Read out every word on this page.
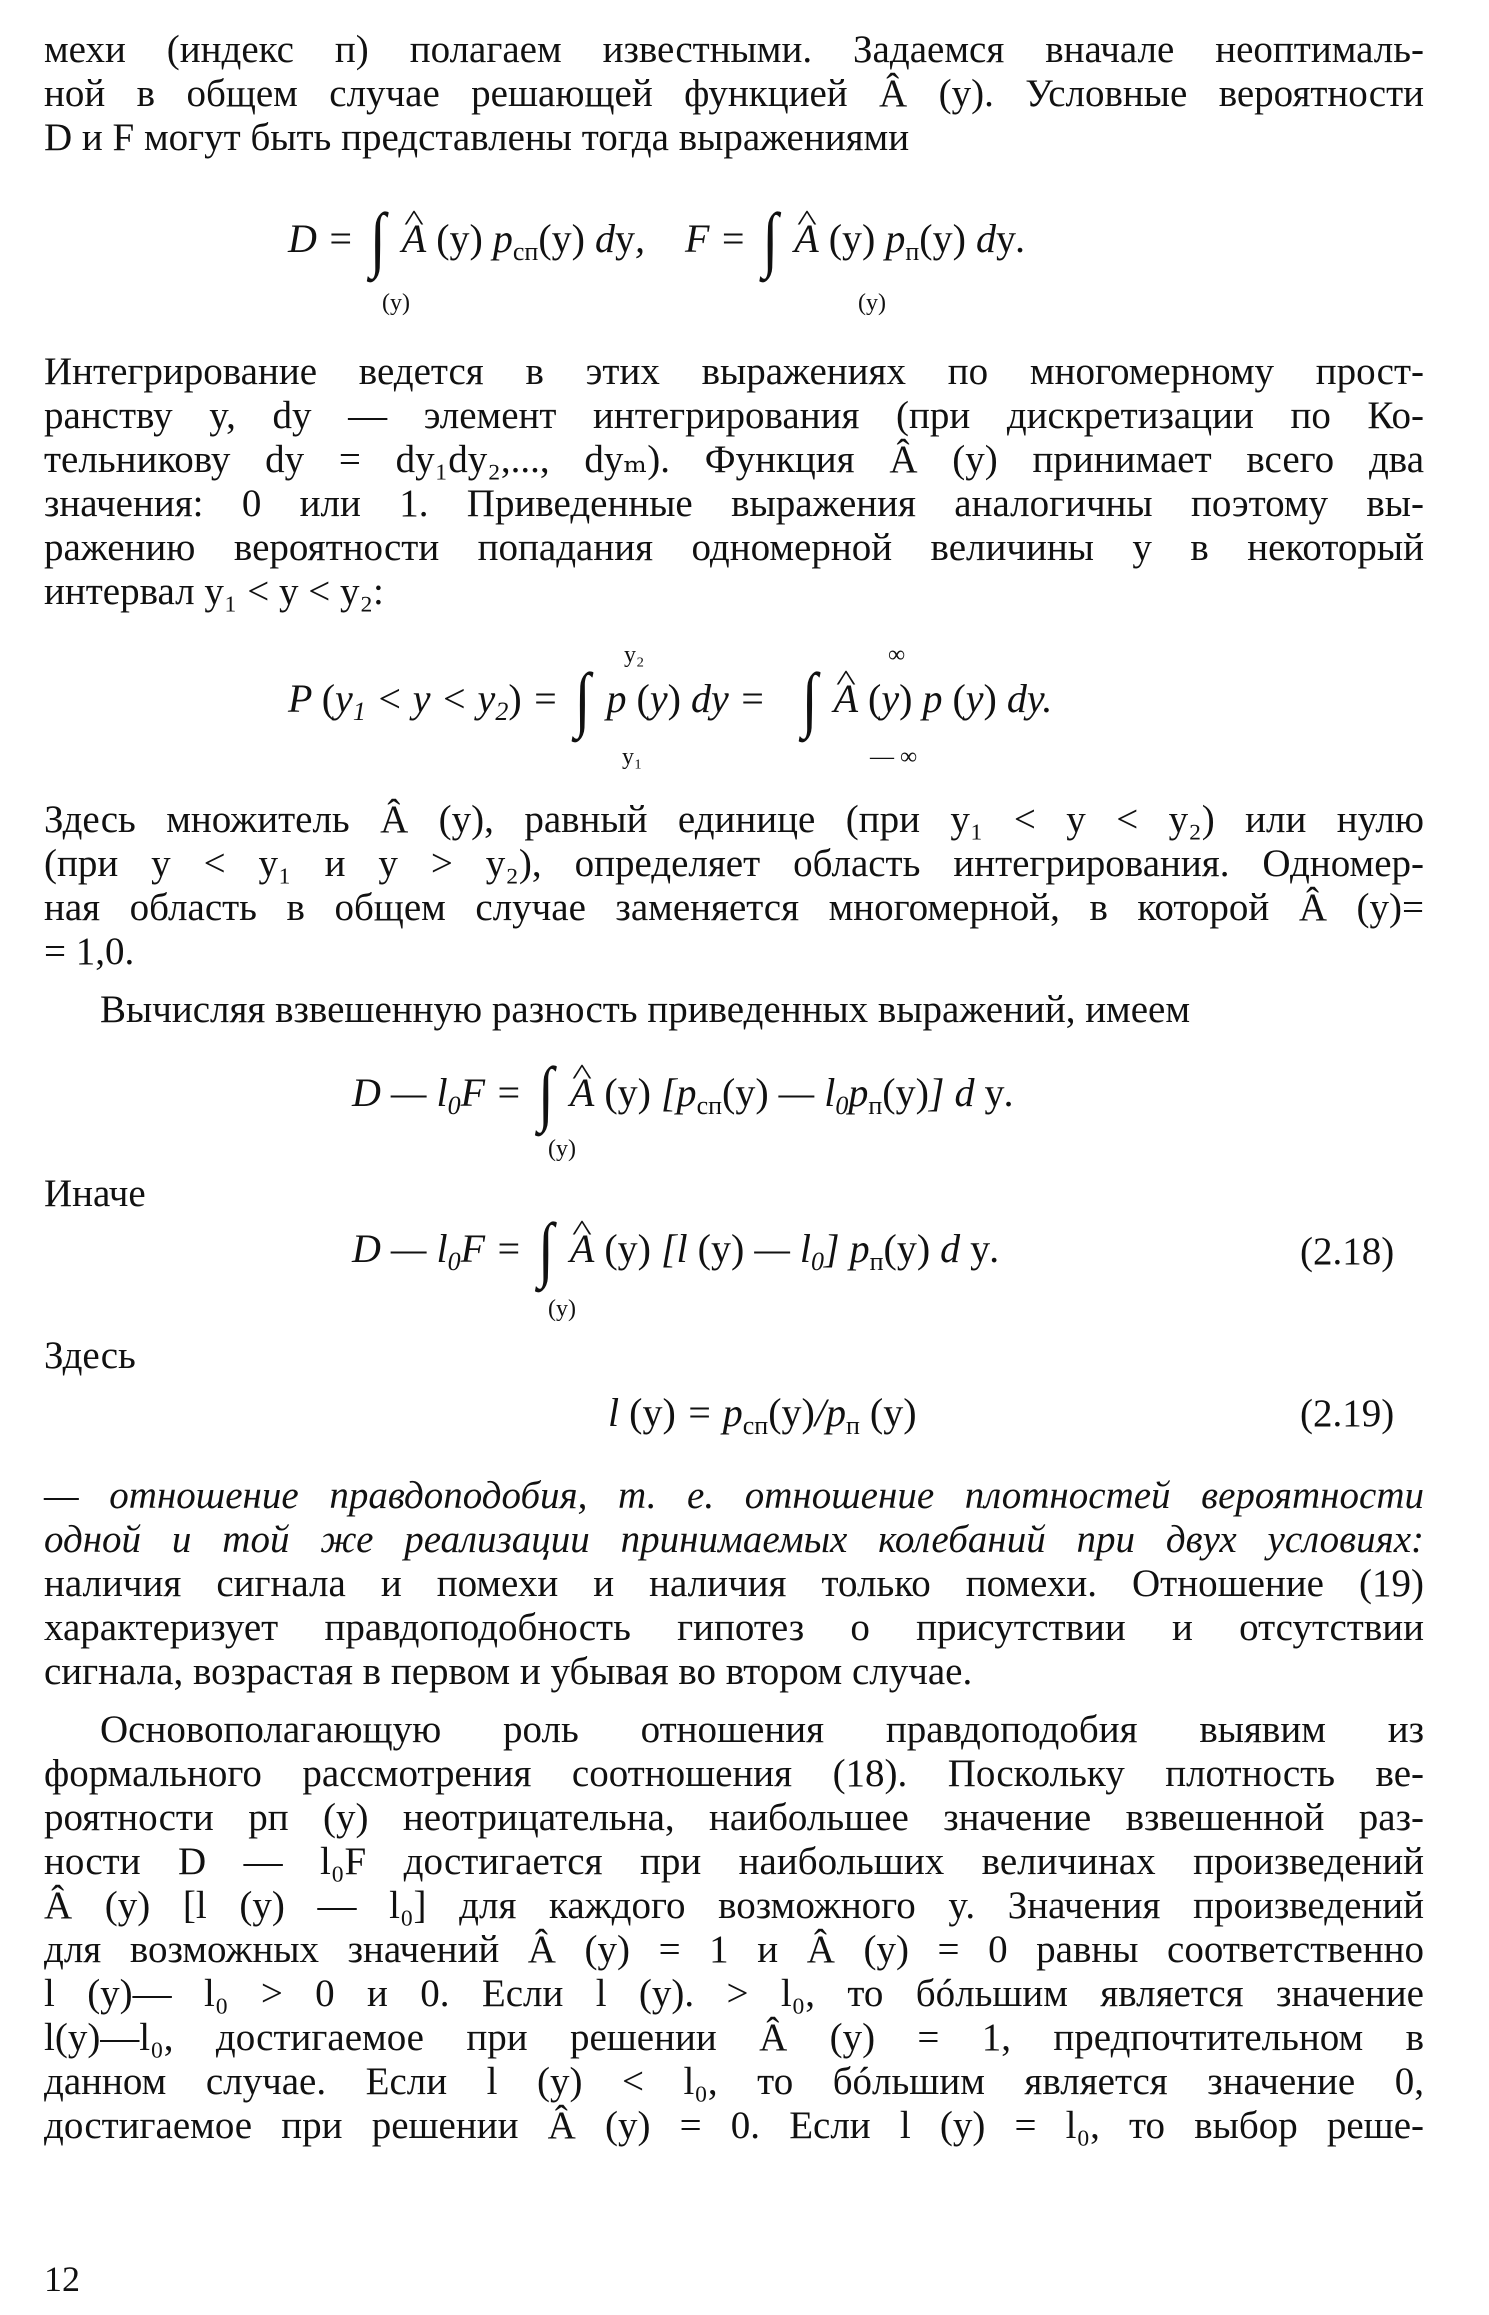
мехи (индекс п) полагаем известными. Задаемся вначале неоптималь-
ной в общем случае решающей функцией Â (y). Условные вероятности
D и F могут быть представлены тогда выражениями
D = ∫ ^ A (y) $p_{сп}(y)$ dy,    F = ∫ ^ A (y) $p_п(y)$ dy.
(y)	(y)
Интегрирование ведется в этих выражениях по многомерному прост-
ранству y, dy — элемент интегрирования (при дискретизации по Ко-
тельникову dy = dy₁dy₂,..., dyₘ). Функция Â (y) принимает всего два
значения: 0 или 1. Приведенные выражения аналогичны поэтому вы-
ражению вероятности попадания одномерной величины y в некоторый
интервал y₁ < y < y₂:
y₂	∞
P $(y_1 < y < y_2)$ = ∫ p (y) dy =   ∫ ^ A (y) p (y) dy.
y₁	— ∞
Здесь множитель Â (y), равный единице (при y₁ < y < y₂) или нулю
(при y < y₁ и y > y₂), определяет область интегрирования. Одномер-
ная область в общем случае заменяется многомерной, в которой Â (y)=
= 1,0.
Вычисляя взвешенную разность приведенных выражений, имеем
D — $l_0F$ = ∫ ^ A (y) [$p_{сп}(y)$ — $l_0p_п(y)$] d y.
(y)
Иначе
D — $l_0F$ = ∫ ^ A (y) [l (y) — $l_0$] $p_п(y)$ d y.
(y)
(2.18)
Здесь
l $(y) = p_{сп}(y)/p_п$ (y)	(2.19)
— отношение правдоподобия, т. е. отношение плотностей вероятности
одной и той же реализации принимаемых колебаний при двух условиях:
наличия сигнала и помехи и наличия только помехи. Отношение (19)
характеризует правдоподобность гипотез о присутствии и отсутствии
сигнала, возрастая в первом и убывая во втором случае.
Основополагающую роль отношения правдоподобия выявим из
формального рассмотрения соотношения (18). Поскольку плотность ве-
роятности pп (y) неотрицательна, наибольшее значение взвешенной раз-
ности D — l₀F достигается при наибольших величинах произведений
Â (y) [l (y) — l₀] для каждого возможного y. Значения произведений
для возможных значений Â (y) = 1 и Â (y) = 0 равны соответственно
l (y)— l₀ > 0 и 0. Если l (y). > l₀, то бóльшим является значение
l(y)—l₀, достигаемое при решении Â (y) = 1, предпочтительном в
данном случае. Если l (y) < l₀, то бóльшим является значение 0,
достигаемое при решении Â (y) = 0. Если l (y) = l₀, то выбор реше-
12
